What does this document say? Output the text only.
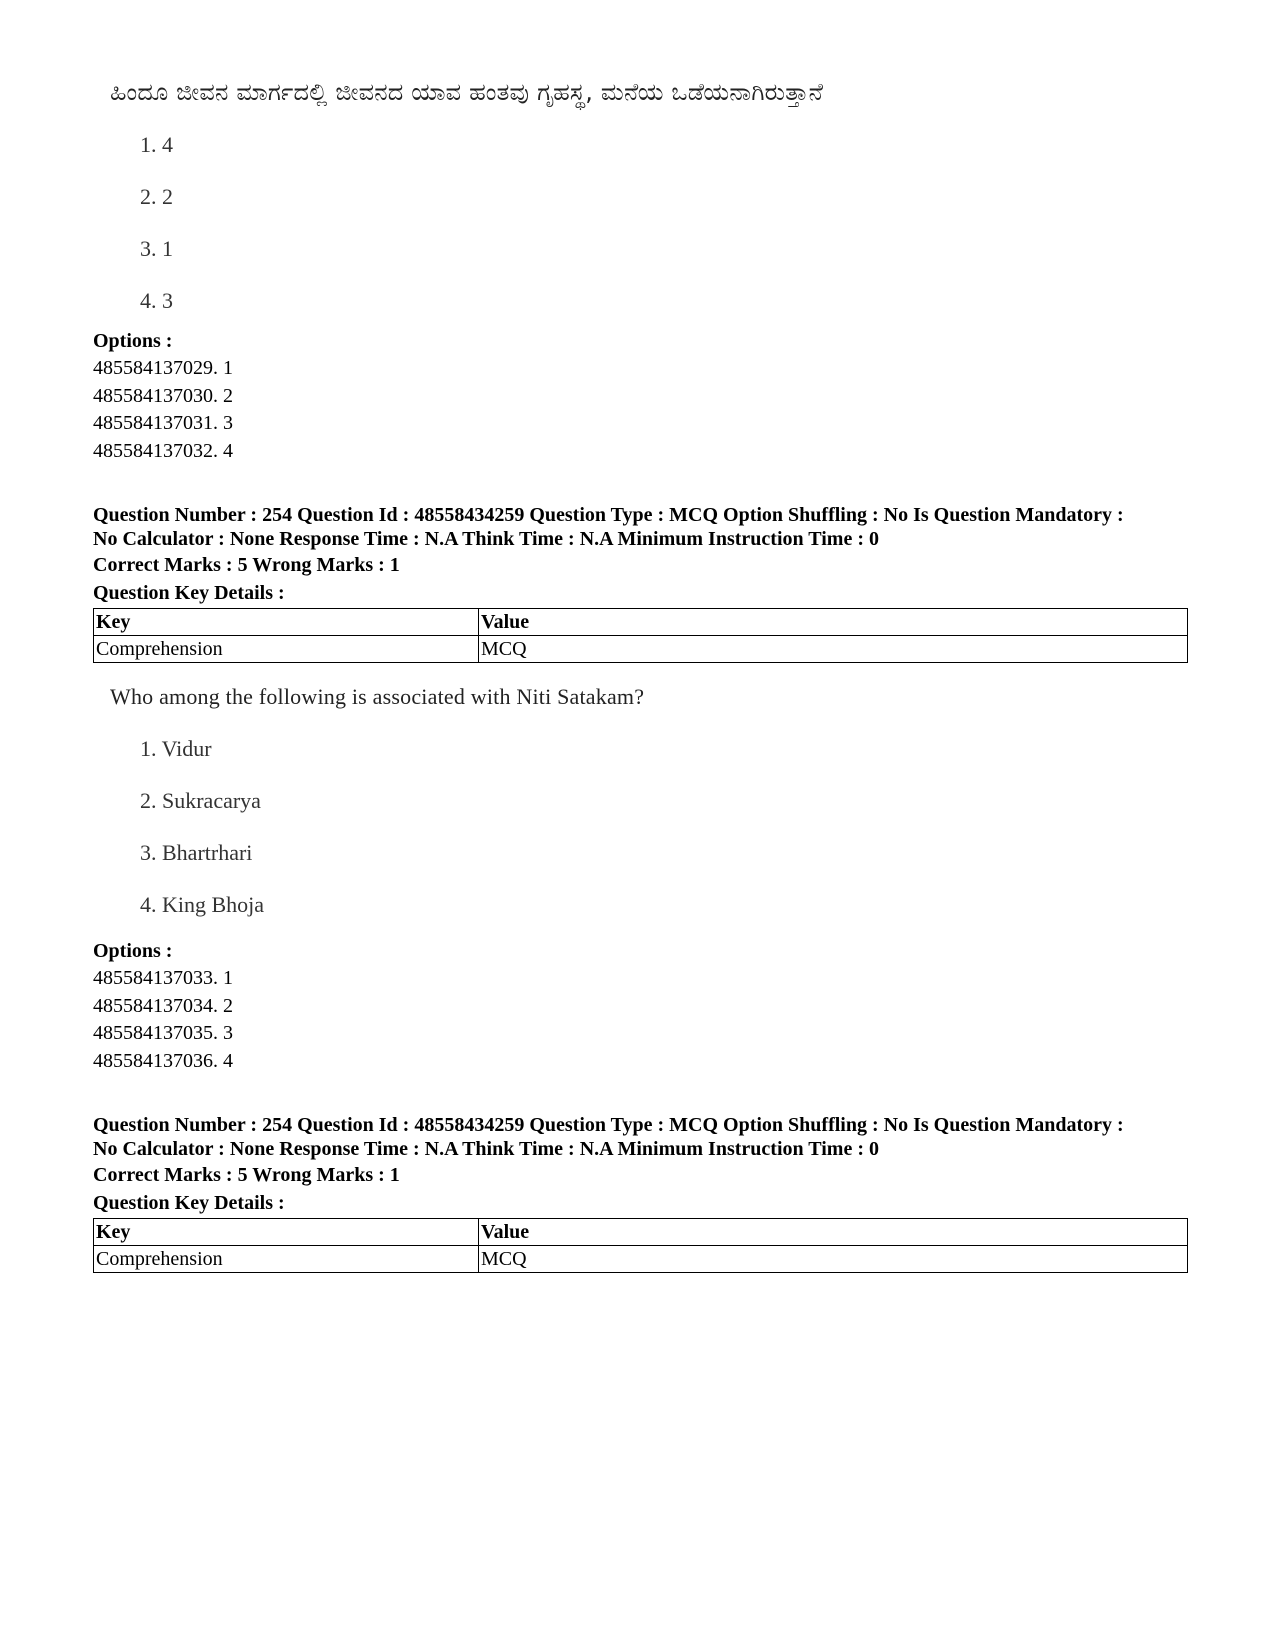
ಹಿಂದೂ ಜೀವನ ಮಾರ್ಗದಲ್ಲಿ ಜೀವನದ ಯಾವ ಹಂತವು ಗೃಹಸ್ಥ, ಮನೆಯ ಒಡೆಯನಾಗಿರುತ್ತಾನೆ
1. 4
2. 2
3. 1
4. 3
Options :
485584137029. 1
485584137030. 2
485584137031. 3
485584137032. 4
Question Number : 254 Question Id : 48558434259 Question Type : MCQ Option Shuffling : No Is Question Mandatory :
No Calculator : None Response Time : N.A Think Time : N.A Minimum Instruction Time : 0
Correct Marks : 5 Wrong Marks : 1
Question Key Details :
Key	Value
Comprehension	MCQ
Who among the following is associated with Niti Satakam?
1. Vidur
2. Sukracarya
3. Bhartrhari
4. King Bhoja
Options :
485584137033. 1
485584137034. 2
485584137035. 3
485584137036. 4
Question Number : 254 Question Id : 48558434259 Question Type : MCQ Option Shuffling : No Is Question Mandatory :
No Calculator : None Response Time : N.A Think Time : N.A Minimum Instruction Time : 0
Correct Marks : 5 Wrong Marks : 1
Question Key Details :
Key	Value
Comprehension	MCQ
